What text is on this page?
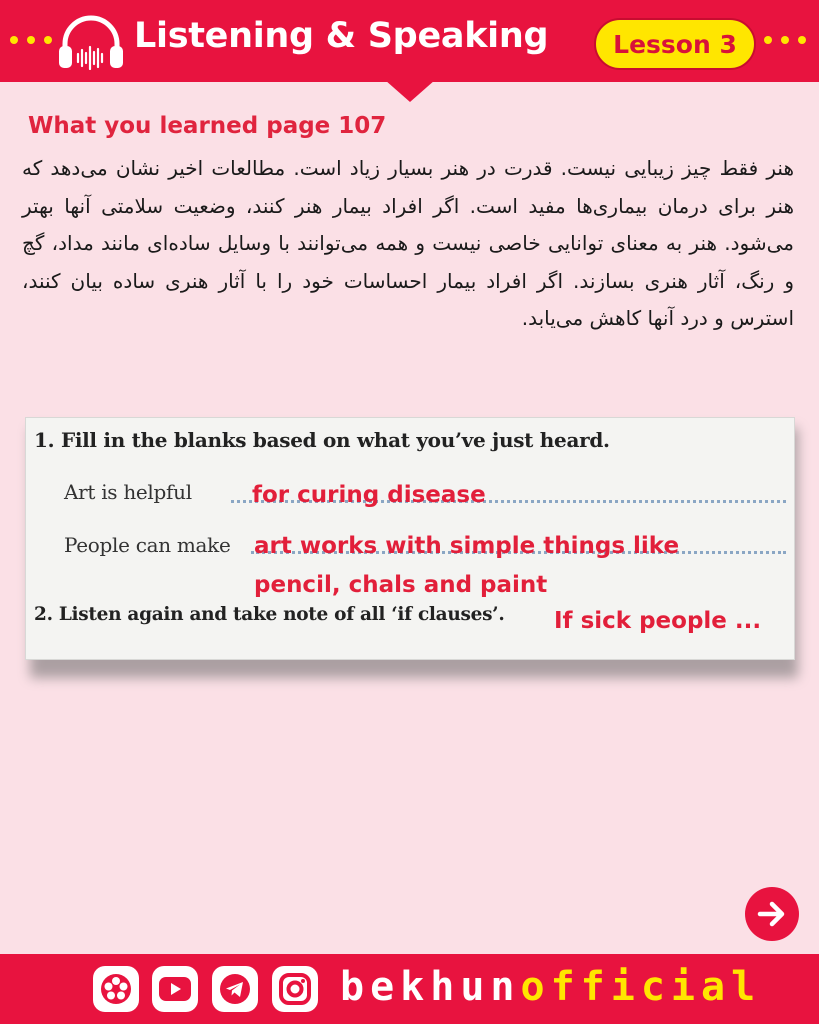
Listening & Speaking	Lesson 3
What you learned page 107
هنر فقط چیز زیبایی نیست. قدرت در هنر بسیار زیاد است. مطالعات اخیر نشان می‌دهد که هنر برای درمان بیماری‌ها مفید است. اگر افراد بیمار هنر کنند، وضعیت سلامتی آنها بهتر می‌شود. هنر به معنای توانایی خاصی نیست و همه می‌توانند با وسایل ساده‌ای مانند مداد، گچ و رنگ، آثار هنری بسازند. اگر افراد بیمار احساسات خود را با آثار هنری ساده بیان کنند، استرس و درد آنها کاهش می‌یابد.
1. Fill in the blanks based on what you’ve just heard.
Art is helpful	for curing disease
People can make art works with simple things like
pencil, chals and paint
2. Listen again and take note of all ‘if clauses’. If sick people ...
bekhunofficial
